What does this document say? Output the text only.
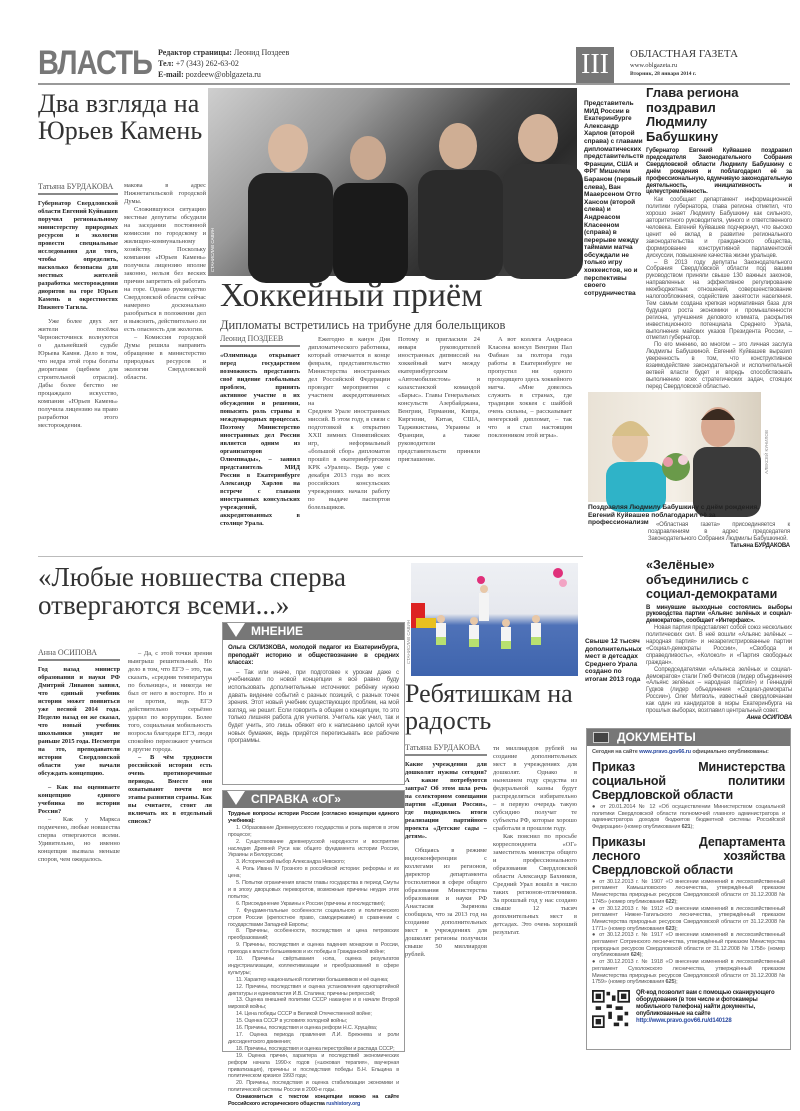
ВЛАСТЬ Редактор страницы: Леонид Поздеев
Тел: +7 (343) 262-63-02
E-mail: pozdeew@oblgazeta.ru	III	ОБЛАСТНАЯ ГАЗЕТА
www.oblgazeta.ru
Вторник, 28 января 2014 г.
Два взгляда на Юрьев Камень
Татьяна БУРДАКОВА

Губернатор Свердловской области Евгений Куйвашев поручил региональному министерству природных ресурсов и экологии провести специальные исследования для того, чтобы определить, насколько безопасна для местных жителей разработка месторождения диоритов на горе Юрьев Камень в окрестностях Нижнего Тагила.

Уже более двух лет жители посёлка Черноисточинск волнуются о дальнейшей судьбе Юрьева Камня. Дело в том, что недра этой горы богаты диоритами (щебнем для строительной отрасли). Дабы более бегство не процаждало искусство, компания «Юрьев Камень» получила лицензию на право разработки этого месторождения.

макова в адрес Нижнетагильской городской Думы.

Сложившуюся ситуацию местные депутаты обсудили на заседании постоянной комиссии по городскому и жилищно-коммунальному хозяйству. Поскольку компания «Юрьев Камень» получила лицензию вполне законно, нельзя без веских причин запретить ей работать на горе. Однако руководство Свердловской области сейчас намерено досконально разобраться в положении дел и выяснить, действительно ли есть опасность для экологии.

– Комиссия городской Думы решила направить обращение в министерство природных ресурсов и экологии Свердловской области.

СТАНИСЛАВ САВИН
Представитель МИД России в Екатеринбурге Александр Харлов (второй справа) с главами дипломатических представительств Франции, США и ФРГ Мишелем Бараном (первый слева), Ван Мааерсеном Отто Хансом (второй слева) и Андреасом Класееном (справа) в перерыве между таймами матча обсуждали не только игру хоккеистов, но и перспективы своего сотрудничества
Хоккейный приём
Дипломаты встретились на трибуне для болельщиков
Леонид ПОЗДЕЕВ

«Олимпиада открывает перед государством возможность представить своё видение глобальных проблем, принять активное участие в их обсуждении и решении, повысить роль страны в международных процессах. Поэтому Министерство иностранных дел России является одним из организаторов Олимпиады», – заявил представитель МИД России в Екатеринбурге Александр Харлов на встрече с главами иностранных консульских учреждений, аккредитованных в столице Урала.

Ежегодно в канун Дня дипломатического работника, который отмечается в конце февраля, представительство Министерства иностранных дел Российской Федерации проводит мероприятия с участием аккредитованных на

Среднем Урале иностранных миссий. В этом году, в связи с подготовкой к открытию XXII зимних Олимпийских игр, неформальный «большой сбор» дипломатов прошёл в екатеринбургском КРК «Уралец». Ведь уже с декабря 2013 года во всех российских консульских учреждениях начали работу по выдаче паспортов болельщиков.

Потому и пригласили 24 января руководителей иностранных дипмиссий на хоккейный матч между екатеринбургским «Автомобилистом» и казахстанской командой «Барыс». Главы Генеральных консульств Азербайджана, Венгрии, Германии, Кипра, Киргизии, Китая, США, Таджикистана, Украины и Франции, а также руководители представительств приняли приглашение.

А вот коллега Андреаса Класена консул Венгрии Пал Фабиан за полтора года работы в Екатеринбурге не пропустил ни одного проходящего здесь хоккейного матча. «Мне довелось служить в странах, где традиции хоккея с шайбой очень сильны, – рассказывает венгерский дипломат, – так что я стал настоящим поклонником этой игры».

Глава региона поздравил Людмилу Бабушкину

Губернатор Евгений Куйвашев поздравил председателя Законодательного Собрания Свердловской области Людмилу Бабушкину с днём рождения и поблагодарил её за профессиональную, вдумчивую законодательную деятельность, инициативность и целеустремлённость.

Как сообщает департамент информационной политики губернатора, глава региона отметил, что хорошо знает Людмилу Бабушкину как сильного, авторитетного руководителя, умного и ответственного человека. Евгений Куйвашев подчеркнул, что высоко ценит её вклад в развитие регионального законодательства и гражданского общества, формирование конструктивной парламентской дискуссии, повышение качества жизни уральцев.

– В 2013 году депутаты Законодательного Собрания Свердловской области под вашим руководством приняли свыше 130 важных законов, направленных на эффективное регулирование межбюджетных отношений, совершенствование налогообложения, содействие занятости населения. Тем самым создана крепкая нормативная база для будущего роста экономики и промышленности региона, улучшения делового климата, раскрытия инвестиционного потенциала Среднего Урала, выполнения майских указов Президента России, – отметил губернатор.

По его мнению, во многом – это личная заслуга Людмилы Бабушкиной. Евгений Куйвашев выразил уверенность в том, что конструктивное взаимодействие законодательной и исполнительной ветвей власти будет и впредь способствовать выполнению всех стратегических задач, стоящих перед Свердловской областью.

АЛЕКСЕЙ КУНИЛОВ
Поздравляя Людмилу Бабушкину с днём рождения, Евгений Куйвашев поблагодарил её за профессионализм	«Областная газета» присоединяется к поздравлениям в адрес председателя Законодательного Собрания Людмилы Бабушкиной.

Татьяна БУРДАКОВА
«Зелёные» объединились с социал-демократами

В минувшие выходные состоялись выборы руководства партии «Альянс зелёных и социал-демократов», сообщает «Интерфакс».

Новая партия представляет собой союз нескольких политических сил. В неё вошли «Альянс зелёных – народная партия» и незарегистрированные партии «Социал-демократы России», «Свобода и справедливость», «Колокол» и «Партия свободных граждан».

Сопредседателями «Альянса зелёных и социал-демократов» стали Глеб Фетисов (лидер объединения «Альянс зелёных – народная партия») и Геннадий Гудков (лидер объединения «Социал-демократы России»). Олег Митволь, известный свердловчанам как один из кандидатов в мэры Екатеринбурга на прошлых выборах, возглавил центральный совет.

Анна ОСИПОВА
«Любые новшества сперва отвергаются всеми...»
Анна ОСИПОВА

Год назад министр образования и науки РФ Дмитрий Ливанов заявил, что единый учебник истории может появиться уже весной 2014 года. Неделю назад он же сказал, что новый учебник школьники увидят не раньше 2015 года. Несмотря на это, преподаватели истории Свердловской области уже начали обсуждать концепцию.

– Как вы оцениваете концепцию единого учебника по истории России?

– Как у Маркса подмечено, любые новшества сперва отвергаются всеми. Удивительно, но именно концепция вызвала меньше споров, чем ожидалось.

– Да, с этой точки зрения выигрыш решительный. Но дело в том, что ЕГЭ – это, так сказать, «средняя температура по больнице», и никогда не был от него в восторге. Но и не против, ведь ЕГЭ действительно серьёзно ударил по коррупции. Более того, социальная мобильность возросла благодаря ЕГЭ, люди спокойно переезжают учиться в другие города.

– В чём трудности российской истории есть очень противоречивые периоды. Вместе они охватывают почти все этапы развития страны. Как вы считаете, стоит ли включать их в отдельный список?

МНЕНИЕ

Ольга СКЛИЗКОВА, молодой педагог из Екатеринбурга, преподаёт историю и обществознание в средних классах:

– Так или иначе, при подготовке к урокам даже с учебниками по новой концепции я всё равно буду использовать дополнительные источники: ребёнку нужно давать видение событий с разных позиций, с разных точек зрения. Этот новый учебник существующих проблем, на мой взгляд, не решит. Если говорить в общем о концепции, то это только лишняя работа для учителя. Учитель как учил, так и будет учить, это лишь обяжет его к написанию целой кучи новых бумажек, ведь придётся переписывать все рабочие программы.

СПРАВКА «ОГ»

Трудные вопросы истории России (согласно концепции единого учебника):

1. Образование Древнерусского государства и роль варягов в этом процессе;

2. Существование древнерусской народности и восприятие наследия Древней Руси как общего фундамента истории России, Украины и Белоруссии;

3. Исторический выбор Александра Невского;

4. Роль Ивана IV Грозного в российской истории: реформы и их цена;

5. Попытки ограничения власти главы государства в период Смуты и в эпоху дворцовых переворотов, возможные причины неудач этих попыток;

6. Присоединение Украины к России (причины и последствия);

7. Фундаментальные особенности социального и политического строя России (крепостное право, самодержавие) в сравнении с государствами Западной Европы;

8. Причины, особенности, последствия и цена петровских преобразований;

9. Причины, последствия и оценка падения монархии в России, прихода к власти большевиков и их победы в Гражданской войне;

10. Причины свёртывания нэпа, оценка результатов индустриализации, коллективизации и преобразований в сфере культуры;

11. Характер национальной политики большевиков и её оценка;

12. Причины, последствия и оценка установления однопартийной диктатуры и единовластия И.В. Сталина; причины репрессий;

13. Оценка внешней политики СССР накануне и в начале Второй мировой войны;

14. Цена победы СССР в Великой Отечественной войне;

15. Оценка СССР в условиях холодной войны;

16. Причины, последствия и оценка реформ Н.С. Хрущёва;

17. Оценка периода правления Л.И. Брежнева и роли диссидентского движения;

18. Причины, последствия и оценка перестройки и распада СССР;

19. Оценка причин, характера и последствий экономических реформ начала 1990-х годов («шоковая терапия», ваучерная приватизация), причины и последствия победы Б.Н. Ельцина в политическом кризисе 1993 года;

20. Причины, последствия и оценка стабилизации экономики и политической системы России в 2000-е годы.

Ознакомиться с текстом концепции можно на сайте Российского исторического общества rushistory.org

СТАНИСЛАВ САВИН	Свыше 12 тысяч дополнительных мест в детсадах Среднего Урала создано по итогам 2013 года
Ребятишкам на радость
Татьяна БУРДАКОВА

Какие учреждения для дошколят нужны сегодня? А какие потребуются завтра? Об этом шла речь на селекторном совещании партии «Единая Россия», где подводились итоги реализации партийного проекта «Детские сады – детям».

Общаясь в режиме видеоконференции с коллегами из регионов, директор департамента госполитики в сфере общего образования Министерства образования и науки РФ Анастасия Зырянова сообщила, что за 2013 год на создание дополнительных мест в учреждениях для дошколят регионы получили свыше 50 миллиардов рублей.

ти миллиардов рублей на создание дополнительных мест в учреждениях для дошколят. Однако в нынешнем году средства из федеральной казны будут распределяться избирательно – в первую очередь такую субсидию получат те субъекты РФ, которые хорошо сработали в прошлом году.

Как пояснил по просьбе корреспондента «ОГ» заместитель министра общего и профессионального образования Свердловской области Александр Бахников, Средний Урал вошёл в число таких регионов-отличников. За прошлый год у нас создано свыше 12 тысяч дополнительных мест в детсадах. Это очень хороший результат.

ДОКУМЕНТЫ
Сегодня на сайте www.pravo.gov66.ru официально опубликованы:
Приказ Министерства социальной политики Свердловской области

● от 20.01.2014 № 12 «Об осуществлении Министерством социальной политики Свердловской области полномочий главного администратора и администратора доходов бюджетов бюджетной системы Российской Федерации» (номер опубликования 621);

Приказы Департамента лесного хозяйства Свердловской области

● от 30.12.2013 г. № 1907 «О внесении изменений в лесохозяйственный регламент Камышловского лесничества, утверждённый приказом Министерства природных ресурсов Свердловской области от 31.12.2008 № 1745» (номер опубликования 622);

● от 30.12.2013 г. № 1912 «О внесении изменений в лесохозяйственный регламент Нижне-Тагильского лесничества, утверждённый приказом Министерства природных ресурсов Свердловской области от 31.12.2008 № 1771» (номер опубликования 623);

● от 30.12.2013 г. № 1917 «О внесении изменений в лесохозяйственный регламент Сотринского лесничества, утверждённый приказом Министерства природных ресурсов Свердловской области от 31.12.2008 № 1758» (номер опубликования 624);

● от 30.12.2013 г. № 1918 «О внесении изменений в лесохозяйственный регламент Сухоложского лесничества, утверждённый приказом Министерства природных ресурсов Свердловской области от 31.12.2008 № 1759» (номер опубликования 625);

QR-код позволит вам с помощью сканирующего оборудования (в том числе и фотокамеры мобильного телефона) найти документы, опубликованные на сайте
http://www.pravo.gov66.ru/d140128
